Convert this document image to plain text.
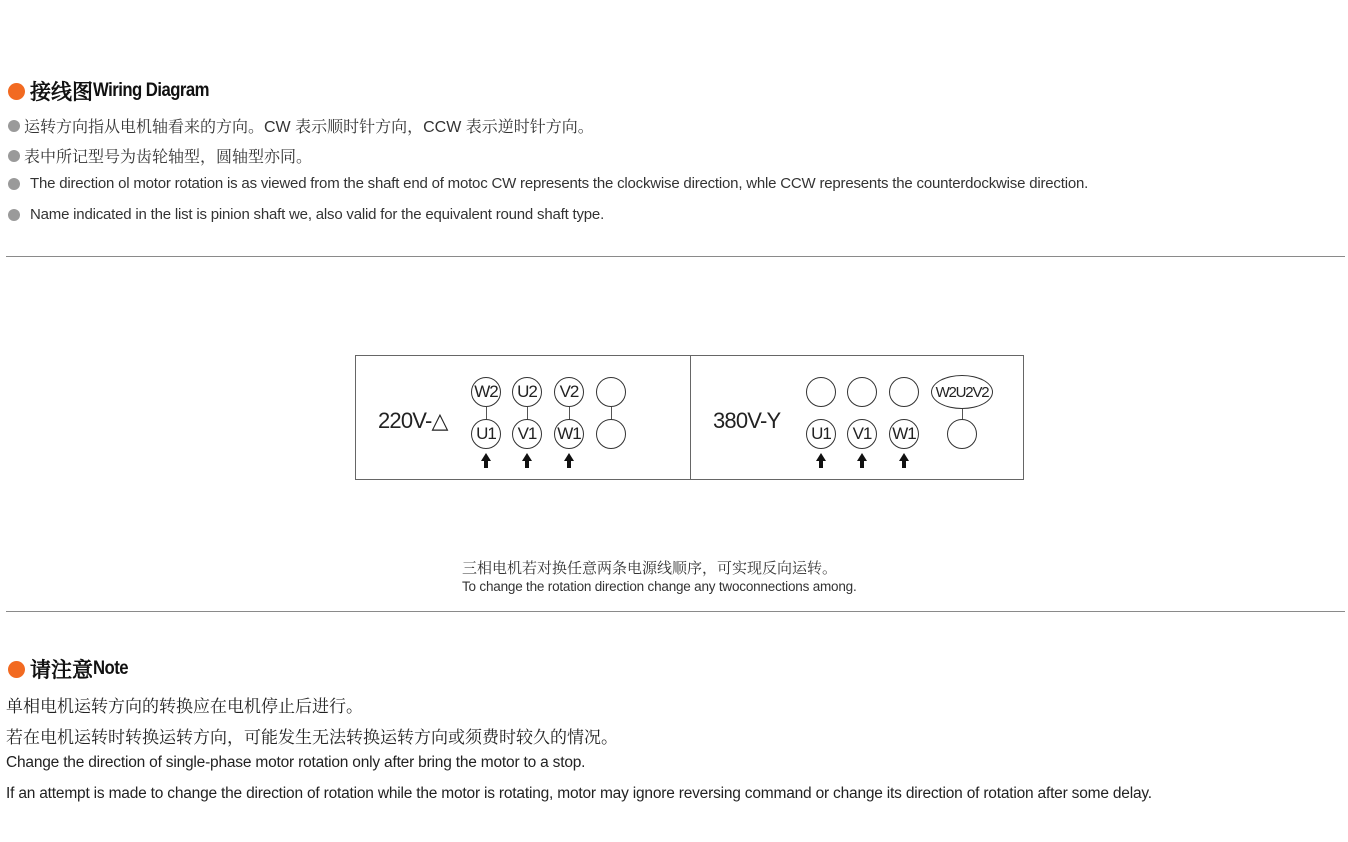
接线图 Wiring Diagram
运转方向指从电机轴看来的方向。CW 表示顺时针方向，CCW 表示逆时针方向。
表中所记型号为齿轮轴型，圆轴型亦同。
The direction ol motor rotation is as viewed from the shaft end of motoc CW represents the clockwise direction, whle CCW represents the counterdockwise direction.
Name indicated in the list is pinion shaft we, also valid for the equivalent round shaft type.
220V-△
W2	U2	V2
U1	V1	W1
380V-Y
W2U2V2
U1	V1	W1
三相电机若对换任意两条电源线顺序，可实现反向运转。
To change the rotation direction change any twoconnections among.
请注意 Note
单相电机运转方向的转换应在电机停止后进行。
若在电机运转时转换运转方向，可能发生无法转换运转方向或须费时较久的情况。
Change the direction of single-phase motor rotation only after bring the motor to a stop.
If an attempt is made to change the direction of rotation while the motor is rotating, motor may ignore reversing command or change its direction of rotation after some delay.
